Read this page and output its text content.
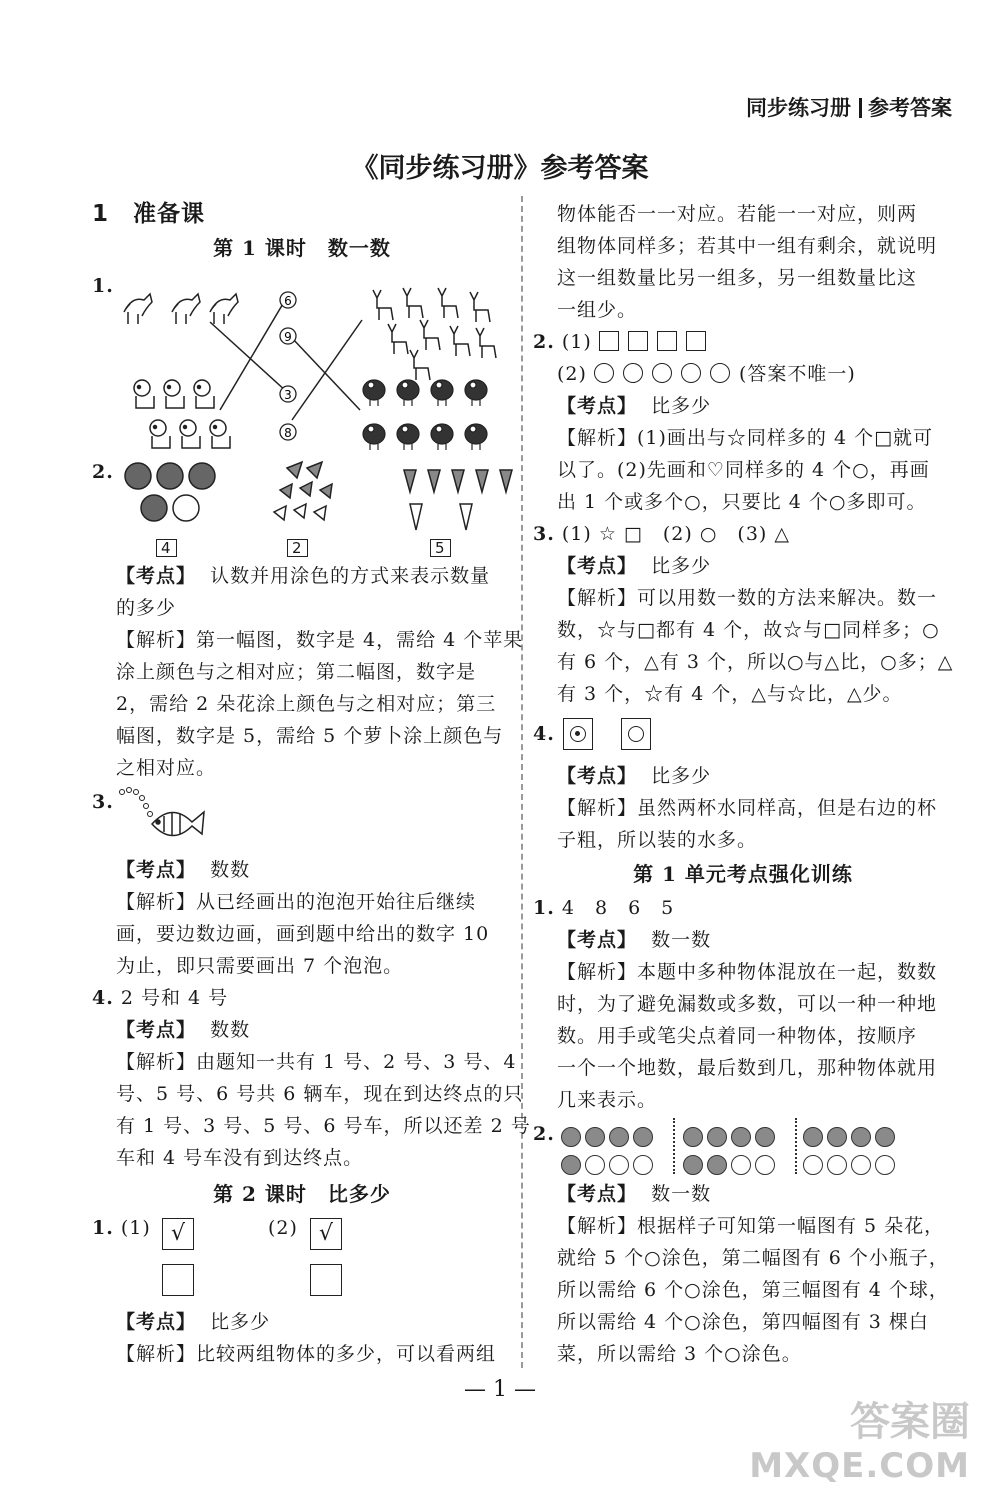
同步练习册 参考答案
《同步练习册》参考答案
1　准备课
第 1 课时　数一数
1.
6
9
3
8
2.
4	2	5
【考点】 认数并用涂色的方式来表示数量
的多少
【解析】第一幅图，数字是 4，需给 4 个苹果
涂上颜色与之相对应；第二幅图，数字是
2，需给 2 朵花涂上颜色与之相对应；第三
幅图，数字是 5，需给 5 个萝卜涂上颜色与
之相对应。
3.
【考点】 数数
【解析】从已经画出的泡泡开始往后继续
画，要边数边画，画到题中给出的数字 10
为止，即只需要画出 7 个泡泡。
4. 2 号和 4 号
【考点】 数数
【解析】由题知一共有 1 号、2 号、3 号、4
号、5 号、6 号共 6 辆车，现在到达终点的只
有 1 号、3 号、5 号、6 号车，所以还差 2 号
车和 4 号车没有到达终点。
第 2 课时　比多少
1. (1)	(2)
√	√
【考点】 比多少
【解析】比较两组物体的多少，可以看两组
物体能否一一对应。若能一一对应，则两
组物体同样多；若其中一组有剩余，就说明
这一组数量比另一组多，另一组数量比这
一组少。
2. (1)
(2)	(答案不唯一)
【考点】 比多少
【解析】(1)画出与☆同样多的 4 个□就可
以了。(2)先画和♡同样多的 4 个○，再画
出 1 个或多个○，只要比 4 个○多即可。
3. (1) ☆ □　(2) ○　(3) △
【考点】 比多少
【解析】可以用数一数的方法来解决。数一
数，☆与□都有 4 个，故☆与□同样多；○
有 6 个，△有 3 个，所以○与△比，○多；△
有 3 个，☆有 4 个，△与☆比，△少。
4.
【考点】 比多少
【解析】虽然两杯水同样高，但是右边的杯
子粗，所以装的水多。
第 1 单元考点强化训练
1. 4　8　6　5
【考点】 数一数
【解析】本题中多种物体混放在一起，数数
时，为了避免漏数或多数，可以一种一种地
数。用手或笔尖点着同一种物体，按顺序
一个一个地数，最后数到几，那种物体就用
几来表示。
2.
【考点】 数一数
【解析】根据样子可知第一幅图有 5 朵花，
就给 5 个○涂色，第二幅图有 6 个小瓶子，
所以需给 6 个○涂色，第三幅图有 4 个球，
所以需给 4 个○涂色，第四幅图有 3 棵白
菜，所以需给 3 个○涂色。
— 1 —
答案圈
MXQE.COM
